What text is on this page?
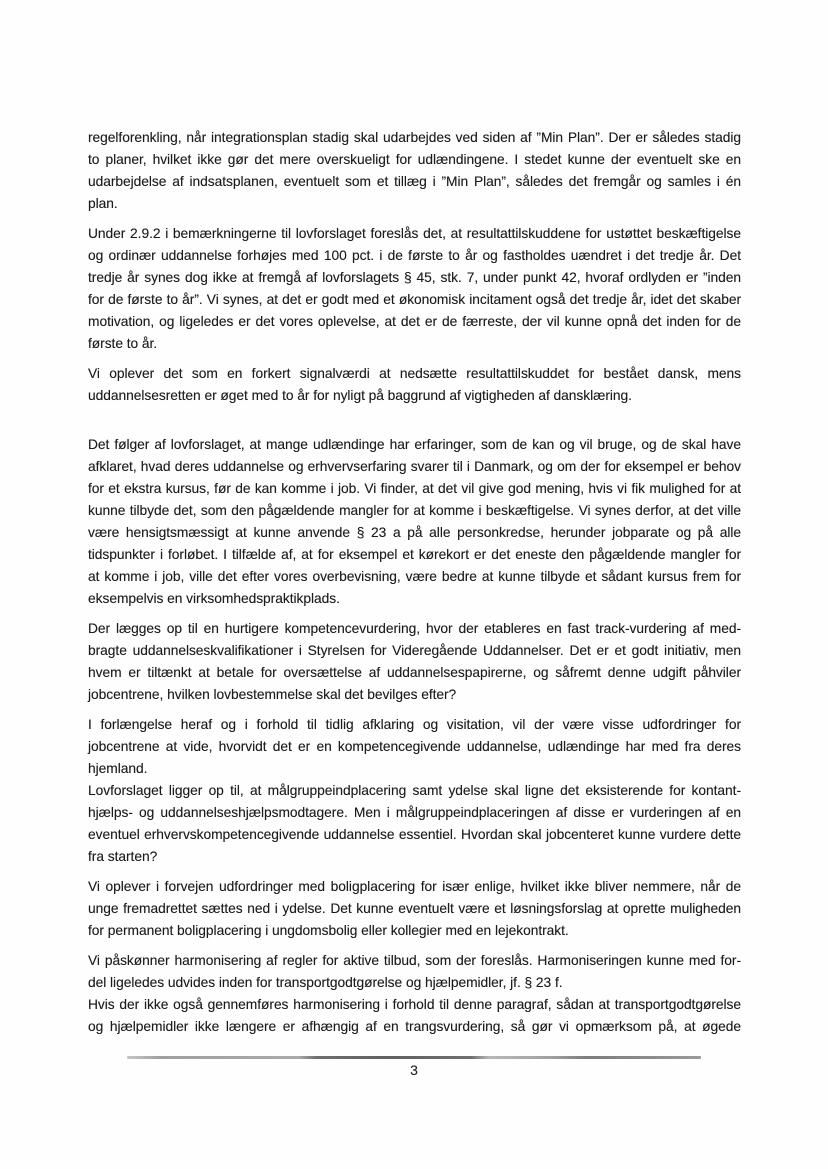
regelforenkling, når integrationsplan stadig skal udarbejdes ved siden af ”Min Plan”. Der er således stadig
to planer, hvilket ikke gør det mere overskueligt for udlændingene. I stedet kunne der eventuelt ske en
udarbejdelse af indsatsplanen, eventuelt som et tillæg i ”Min Plan”, således det fremgår og samles i én
plan.
Under 2.9.2 i bemærkningerne til lovforslaget foreslås det, at resultattilskuddene for ustøttet beskæftigelse
og ordinær uddannelse forhøjes med 100 pct. i de første to år og fastholdes uændret i det tredje år. Det
tredje år synes dog ikke at fremgå af lovforslagets § 45, stk. 7, under punkt 42, hvoraf ordlyden er ”inden
for de første to år”. Vi synes, at det er godt med et økonomisk incitament også det tredje år, idet det skaber
motivation, og ligeledes er det vores oplevelse, at det er de færreste, der vil kunne opnå det inden for de
første to år.
Vi oplever det som en forkert signalværdi at nedsætte resultattilskuddet for bestået dansk, mens
uddannelsesretten er øget med to år for nyligt på baggrund af vigtigheden af dansklæring.
Det følger af lovforslaget, at mange udlændinge har erfaringer, som de kan og vil bruge, og de skal have
afklaret, hvad deres uddannelse og erhvervserfaring svarer til i Danmark, og om der for eksempel er behov
for et ekstra kursus, før de kan komme i job. Vi finder, at det vil give god mening, hvis vi fik mulighed for at
kunne tilbyde det, som den pågældende mangler for at komme i beskæftigelse. Vi synes derfor, at det ville
være hensigtsmæssigt at kunne anvende § 23 a på alle personkredse, herunder jobparate og på alle
tidspunkter i forløbet. I tilfælde af, at for eksempel et kørekort er det eneste den pågældende mangler for
at komme i job, ville det efter vores overbevisning, være bedre at kunne tilbyde et sådant kursus frem for
eksempelvis en virksomhedspraktikplads.
Der lægges op til en hurtigere kompetencevurdering, hvor der etableres en fast track-vurdering af med-
bragte uddannelseskvalifikationer i Styrelsen for Videregående Uddannelser. Det er et godt initiativ, men
hvem er tiltænkt at betale for oversættelse af uddannelsespapirerne, og såfremt denne udgift påhviler
jobcentrene, hvilken lovbestemmelse skal det bevilges efter?
I forlængelse heraf og i forhold til tidlig afklaring og visitation, vil der være visse udfordringer for
jobcentrene at vide, hvorvidt det er en kompetencegivende uddannelse, udlændinge har med fra deres
hjemland.
Lovforslaget ligger op til, at målgruppeindplacering samt ydelse skal ligne det eksisterende for kontant-
hjælps- og uddannelseshjælpsmodtagere. Men i målgruppeindplaceringen af disse er vurderingen af en
eventuel erhvervskompetencegivende uddannelse essentiel. Hvordan skal jobcenteret kunne vurdere dette
fra starten?
Vi oplever i forvejen udfordringer med boligplacering for især enlige, hvilket ikke bliver nemmere, når de
unge fremadrettet sættes ned i ydelse. Det kunne eventuelt være et løsningsforslag at oprette muligheden
for permanent boligplacering i ungdomsbolig eller kollegier med en lejekontrakt.
Vi påskønner harmonisering af regler for aktive tilbud, som der foreslås. Harmoniseringen kunne med for-
del ligeledes udvides inden for transportgodtgørelse og hjælpemidler, jf. § 23 f.
Hvis der ikke også gennemføres harmonisering i forhold til denne paragraf, sådan at transportgodtgørelse
og hjælpemidler ikke længere er afhængig af en trangsvurdering, så gør vi opmærksom på, at øgede
3
